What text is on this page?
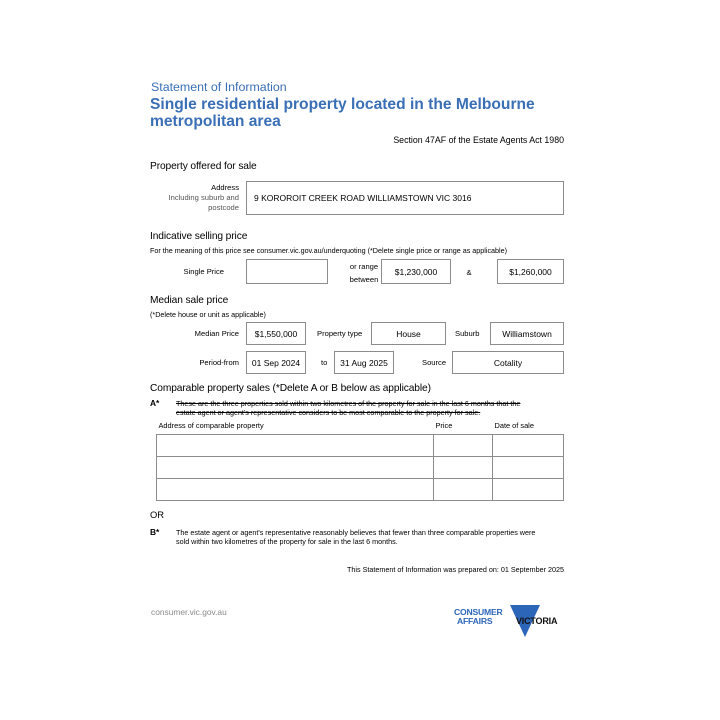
Statement of Information
Single residential property located in the Melbourne
metropolitan area
Section 47AF of the Estate Agents Act 1980
Property offered for sale
Address
Including suburb and
postcode
9 KOROROIT CREEK ROAD WILLIAMSTOWN VIC 3016
Indicative selling price
For the meaning of this price see consumer.vic.gov.au/underquoting (*Delete single price or range as applicable)
Single Price
or range
between
$1,230,000	&	$1,260,000
Median sale price
(*Delete house or unit as applicable)
Median Price	$1,550,000	Property type	House	Suburb	Williamstown
Period-from	01 Sep 2024	to	31 Aug 2025	Source	Cotality
Comparable property sales (*Delete A or B below as applicable)
A* These are the three properties sold within two kilometres of the property for sale in the last 6 months that the
estate agent or agent's representative considers to be most comparable to the property for sale.
Address of comparable property	Price	Date of sale

OR
B* The estate agent or agent's representative reasonably believes that fewer than three comparable properties were
sold within two kilometres of the property for sale in the last 6 months.
This Statement of Information was prepared on: 01 September 2025
consumer.vic.gov.au	CONSUMER
AFFAIRS	VICTORIA
